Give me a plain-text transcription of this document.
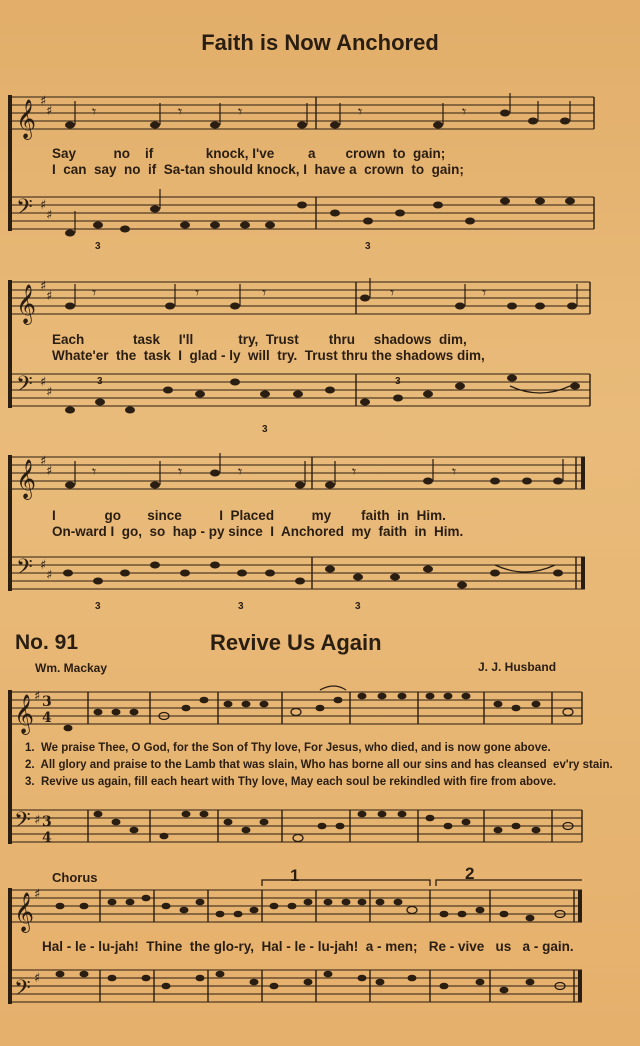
Faith is Now Anchored
𝄞
𝄢
♯
♯
♯
♯
𝄾	𝄾	𝄾	𝄾	𝄾
3	3
Say          no    if              knock, I've         a        crown  to  gain;
I  can  say  no  if  Sa-tan should knock, I  have a  crown  to  gain;
𝄞
𝄢
♯
♯
♯
♯
𝄾	𝄾	𝄾	𝄾	𝄾
3
3
3
Each             task     I'll            try,  Trust        thru     shadows  dim,
Whate'er  the  task  I  glad - ly  will  try.  Trust thru the shadows dim,
𝄞
𝄢
♯
♯
♯
♯
𝄾	𝄾	𝄾	𝄾	𝄾
3	3	3
I             go       since          I  Placed          my        faith  in  Him.
On-ward I  go,  so  hap - py since  I  Anchored  my  faith  in  Him.
No. 91	Revive Us Again
Wm. Mackay	J. J. Husband
𝄞
𝄢
♯
♯
3
4
3
4
1.  We praise Thee, O God, for the Son of Thy love, For Jesus, who died, and is now gone above.
2.  All glory and praise to the Lamb that was slain, Who has borne all our sins and has cleansed  ev'ry stain.
3.  Revive us again, fill each heart with Thy love, May each soul be rekindled with fire from above.
Chorus	1	2
𝄞
𝄢
♯
♯
Hal - le - lu-jah!  Thine  the glo-ry,  Hal - le - lu-jah!  a - men;   Re - vive   us   a - gain.
